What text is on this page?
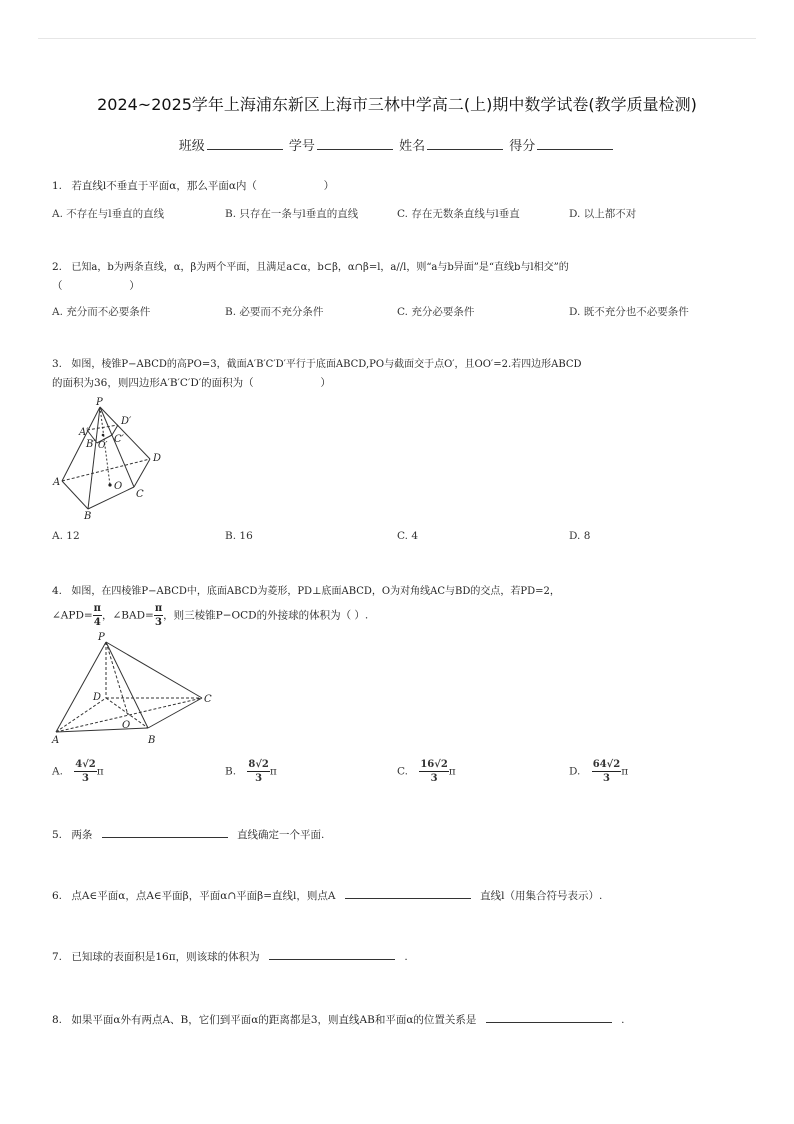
2024~2025学年上海浦东新区上海市三林中学高二(上)期中数学试卷(教学质量检测)
班级	学号	姓名	得分
1. 若直线l不垂直于平面α，那么平面α内（                    ）
A. 不存在与l垂直的直线	B. 只存在一条与l垂直的直线	C. 存在无数条直线与l垂直	D. 以上都不对
2. 已知a，b为两条直线，α，β为两个平面，且满足a⊂α，b⊂β，α∩β=l，a//l，则“a与b异面”是“直线b与l相交”的
（                    ）
A. 充分而不必要条件	B. 必要而不充分条件	C. 充分必要条件	D. 既不充分也不必要条件
3. 如图，棱锥P−ABCD的高PO=3，截面A′B′C′D′平行于底面ABCD,PO与截面交于点O′，且OO′=2.若四边形ABCD
的面积为36，则四边形A′B′C′D′的面积为（                    ）
P
D′
A′
C′
B′ O′
D
A	O
C
B
A. 12	B. 16	C. 4	D. 8
4. 如图，在四棱锥P−ABCD中，底面ABCD为菱形，PD⊥底面ABCD，O为对角线AC与BD的交点，若PD=2，
∠APD= $\frac{\pi}{4}$ ，∠BAD= $\frac{\pi}{3}$ ，则三棱锥P−OCD的外接球的体积为（ ）.
P
D	C
O
A	B
A. $\frac{4√2}{3}$ π	B. $\frac{8√2}{3}$ π	C. $\frac{16√2}{3}$ π	D. $\frac{64√2}{3}$ π
5. 两条	直线确定一个平面.
6. 点A∈平面α，点A∈平面β，平面α∩平面β=直线l，则点A	直线l（用集合符号表示）.
7. 已知球的表面积是16π，则该球的体积为	.
8. 如果平面α外有两点A、B，它们到平面α的距离都是3，则直线AB和平面α的位置关系是	.
